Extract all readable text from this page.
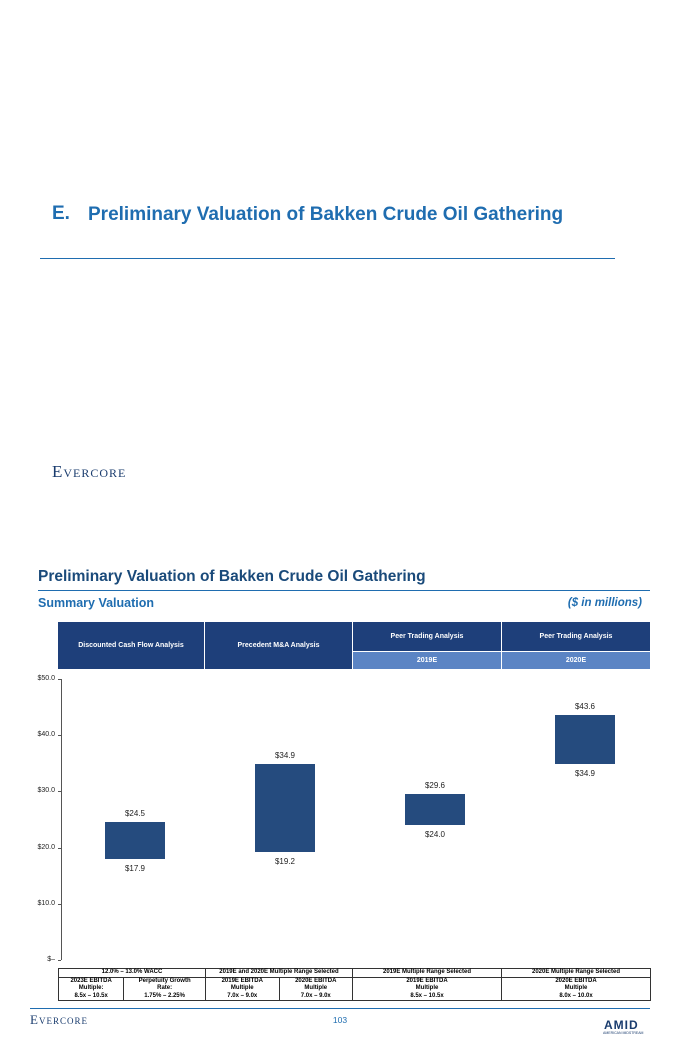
E. Preliminary Valuation of Bakken Crude Oil Gathering
Evercore
Preliminary Valuation of Bakken Crude Oil Gathering
Summary Valuation	($ in millions)
Discounted Cash Flow Analysis	Precedent M&A Analysis
Peer Trading Analysis	Peer Trading Analysis
2019E	2020E
$–
$10.0
$20.0
$30.0
$40.0
$50.0
$24.5
$17.9
$34.9
$19.2
$29.6
$24.0
$43.6
$34.9
12.0% – 13.0% WACC		2019E and 2020E Multiple Range Selected		2019E Multiple Range Selected	2020E Multiple Range Selected
2023E EBITDA	Perpetuity Growth	2019E EBITDA	2020E EBITDA	2019E EBITDA	2020E EBITDA
Multiple:	Rate:	Multiple	Multiple	Multiple	Multiple
8.5x – 10.5x	1.75% – 2.25%	7.0x – 9.0x	7.0x – 9.0x	8.5x – 10.5x	8.0x – 10.0x
Evercore	103	AMID
AMERICAN MIDSTREAM
